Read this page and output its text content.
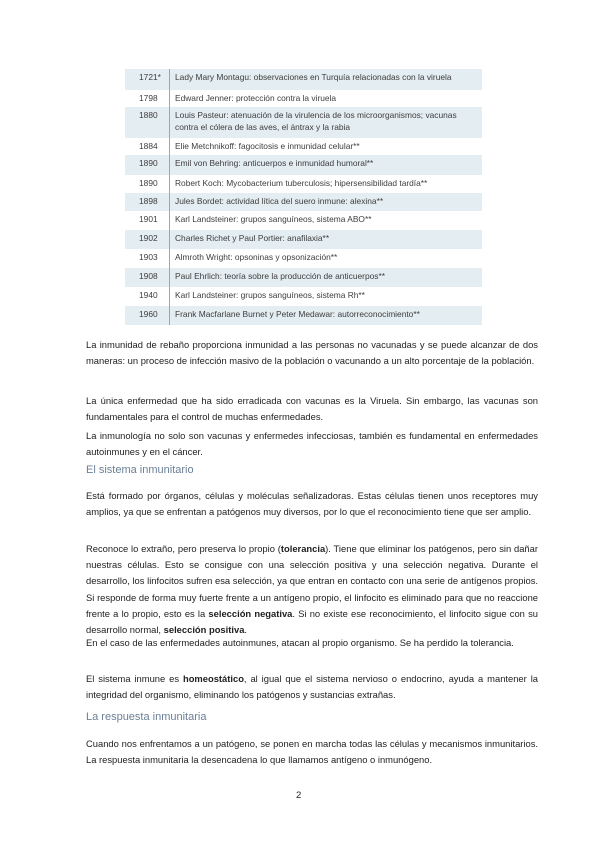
1960	Frank Macfarlane Burnet y Peter Medawar: autorreconocimiento**
1940	Karl Landsteiner: grupos sanguíneos, sistema Rh**
1908	Paul Ehrlich: teoría sobre la producción de anticuerpos**
1903	Almroth Wright: opsoninas y opsonización**
1902	Charles Richet y Paul Portier: anafilaxia**
1901	Karl Landsteiner: grupos sanguíneos, sistema ABO**
1898	Jules Bordet: actividad lítica del suero inmune: alexina**
1890	Robert Koch: Mycobacterium tuberculosis; hipersensibilidad tardía**
1890	Emil von Behring: anticuerpos e inmunidad humoral**
1884	Elie Metchnikoff: fagocitosis e inmunidad celular**
1880	Louis Pasteur: atenuación de la virulencia de los microorganismos; vacunas contra el cólera de las aves, el ántrax y la rabia
1798	Edward Jenner: protección contra la viruela
1721*	Lady Mary Montagu: observaciones en Turquía relacionadas con la viruela
La inmunidad de rebaño proporciona inmunidad a las personas no vacunadas y se puede alcanzar de dos maneras: un proceso de infección masivo de la población o vacunando a un alto porcentaje de la población.
La única enfermedad que ha sido erradicada con vacunas es la Viruela. Sin embargo, las vacunas son fundamentales para el control de muchas enfermedades.
La inmunología no solo son vacunas y enfermedes infecciosas, también es fundamental en enfermedades autoinmunes y en el cáncer.
El sistema inmunitario
Está formado por órganos, células y moléculas señalizadoras. Estas células tienen unos receptores muy amplios, ya que se enfrentan a patógenos muy diversos, por lo que el reconocimiento tiene que ser amplio.
Reconoce lo extraño, pero preserva lo propio (tolerancia). Tiene que eliminar los patógenos, pero sin dañar nuestras células. Esto se consigue con una selección positiva y una selección negativa. Durante el desarrollo, los linfocitos sufren esa selección, ya que entran en contacto con una serie de antígenos propios. Si responde de forma muy fuerte frente a un antígeno propio, el linfocito es eliminado para que no reaccione frente a lo propio, esto es la selección negativa. Si no existe ese reconocimiento, el linfocito sigue con su desarrollo normal, selección positiva.
En el caso de las enfermedades autoinmunes, atacan al propio organismo. Se ha perdido la tolerancia.
El sistema inmune es homeostático, al igual que el sistema nervioso o endocrino, ayuda a mantener la integridad del organismo, eliminando los patógenos y sustancias extrañas.
La respuesta inmunitaria
Cuando nos enfrentamos a un patógeno, se ponen en marcha todas las células y mecanismos inmunitarios. La respuesta inmunitaria la desencadena lo que llamamos antígeno o inmunógeno.
2
